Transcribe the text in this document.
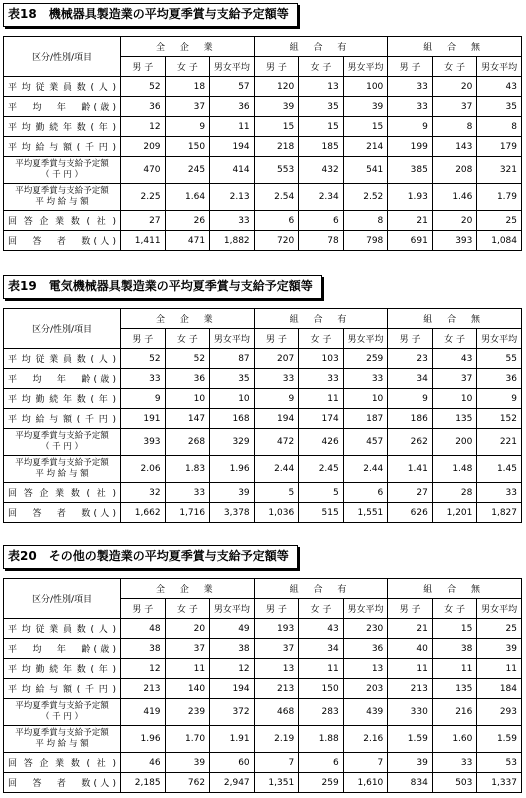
表18　機械器具製造業の平均夏季賞与支給予定額等
区分/性別/項目	全 企 業			組 合 有			組 合 無		
	男 子	女 子	男女平均	男 子	女 子	男女平均	男 子	女 子	男女平均
平均従業員数(人)	52	18	57	120	13	100	33	20	43
平　均　年　齢(歳)	36	37	36	39	35	39	33	37	35
平均勤続年数(年)	12	9	11	15	15	15	9	8	8
平均給与額(千円)	209	150	194	218	185	214	199	143	179

平均夏季賞与支給予定額
（ 千 円 ）	470	245	414	553	432	541	385	208	321

平均夏季賞与支給予定額
平 均 給 与 額	2.25	1.64	2.13	2.54	2.34	2.52	1.93	1.46	1.79
回答企業数(社)	27	26	33	6	6	8	21	20	25
回　答　者　数(人)	1,411	471	1,882	720	78	798	691	393	1,084
表19　電気機械器具製造業の平均夏季賞与支給予定額等
区分/性別/項目	全 企 業			組 合 有			組 合 無		
	男 子	女 子	男女平均	男 子	女 子	男女平均	男 子	女 子	男女平均
平均従業員数(人)	52	52	87	207	103	259	23	43	55
平　均　年　齢(歳)	33	36	35	33	33	33	34	37	36
平均勤続年数(年)	9	10	10	9	11	10	9	10	9
平均給与額(千円)	191	147	168	194	174	187	186	135	152

平均夏季賞与支給予定額
（ 千 円 ）	393	268	329	472	426	457	262	200	221

平均夏季賞与支給予定額
平 均 給 与 額	2.06	1.83	1.96	2.44	2.45	2.44	1.41	1.48	1.45
回答企業数(社)	32	33	39	5	5	6	27	28	33
回　答　者　数(人)	1,662	1,716	3,378	1,036	515	1,551	626	1,201	1,827
表20　その他の製造業の平均夏季賞与支給予定額等
区分/性別/項目	全 企 業			組 合 有			組 合 無		
	男 子	女 子	男女平均	男 子	女 子	男女平均	男 子	女 子	男女平均
平均従業員数(人)	48	20	49	193	43	230	21	15	25
平　均　年　齢(歳)	38	37	38	37	34	36	40	38	39
平均勤続年数(年)	12	11	12	13	11	13	11	11	11
平均給与額(千円)	213	140	194	213	150	203	213	135	184

平均夏季賞与支給予定額
（ 千 円 ）	419	239	372	468	283	439	330	216	293

平均夏季賞与支給予定額
平 均 給 与 額	1.96	1.70	1.91	2.19	1.88	2.16	1.59	1.60	1.59
回答企業数(社)	46	39	60	7	6	7	39	33	53
回　答　者　数(人)	2,185	762	2,947	1,351	259	1,610	834	503	1,337
